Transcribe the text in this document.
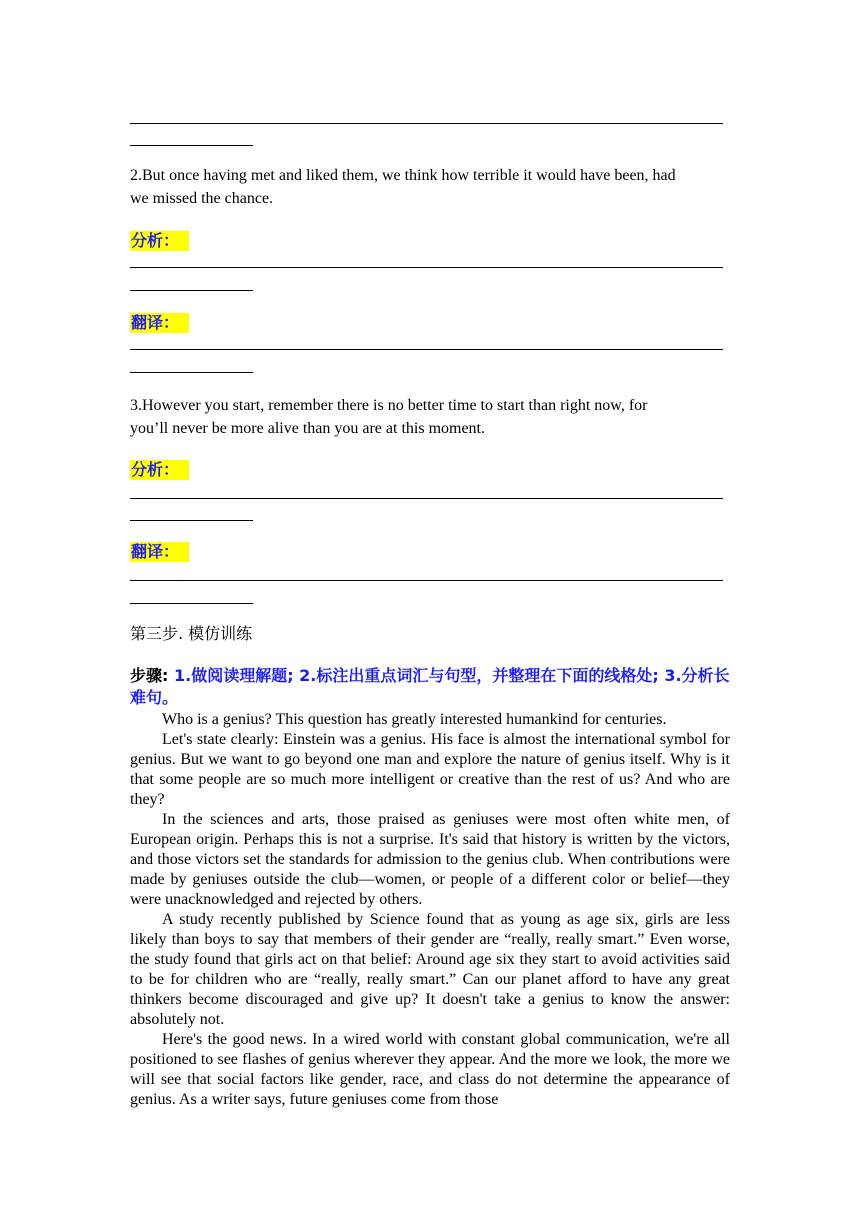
2.But once having met and liked them, we think how terrible it would have been, had
we missed the chance.
分析：
翻译：
3.However you start, remember there is no better time to start than right now, for
you’ll never be more alive than you are at this moment.
分析：
翻译：
第三步. 模仿训练
步骤: 1.做阅读理解题; 2.标注出重点词汇与句型，并整理在下面的线格处; 3.分析长难句。

Who is a genius? This question has greatly interested humankind for centuries.

Let's state clearly: Einstein was a genius. His face is almost the international symbol for genius. But we want to go beyond one man and explore the nature of genius itself. Why is it that some people are so much more intelligent or creative than the rest of us? And who are they?

In the sciences and arts, those praised as geniuses were most often white men, of European origin. Perhaps this is not a surprise. It's said that history is written by the victors, and those victors set the standards for admission to the genius club. When contributions were made by geniuses outside the club—women, or people of a different color or belief—they were unacknowledged and rejected by others.

A study recently published by Science found that as young as age six, girls are less likely than boys to say that members of their gender are “really, really smart.” Even worse, the study found that girls act on that belief: Around age six they start to avoid activities said to be for children who are “really, really smart.” Can our planet afford to have any great thinkers become discouraged and give up? It doesn't take a genius to know the answer: absolutely not.

Here's the good news. In a wired world with constant global communication, we're all positioned to see flashes of genius wherever they appear. And the more we look, the more we will see that social factors like gender, race, and class do not determine the appearance of genius. As a writer says, future geniuses come from those
